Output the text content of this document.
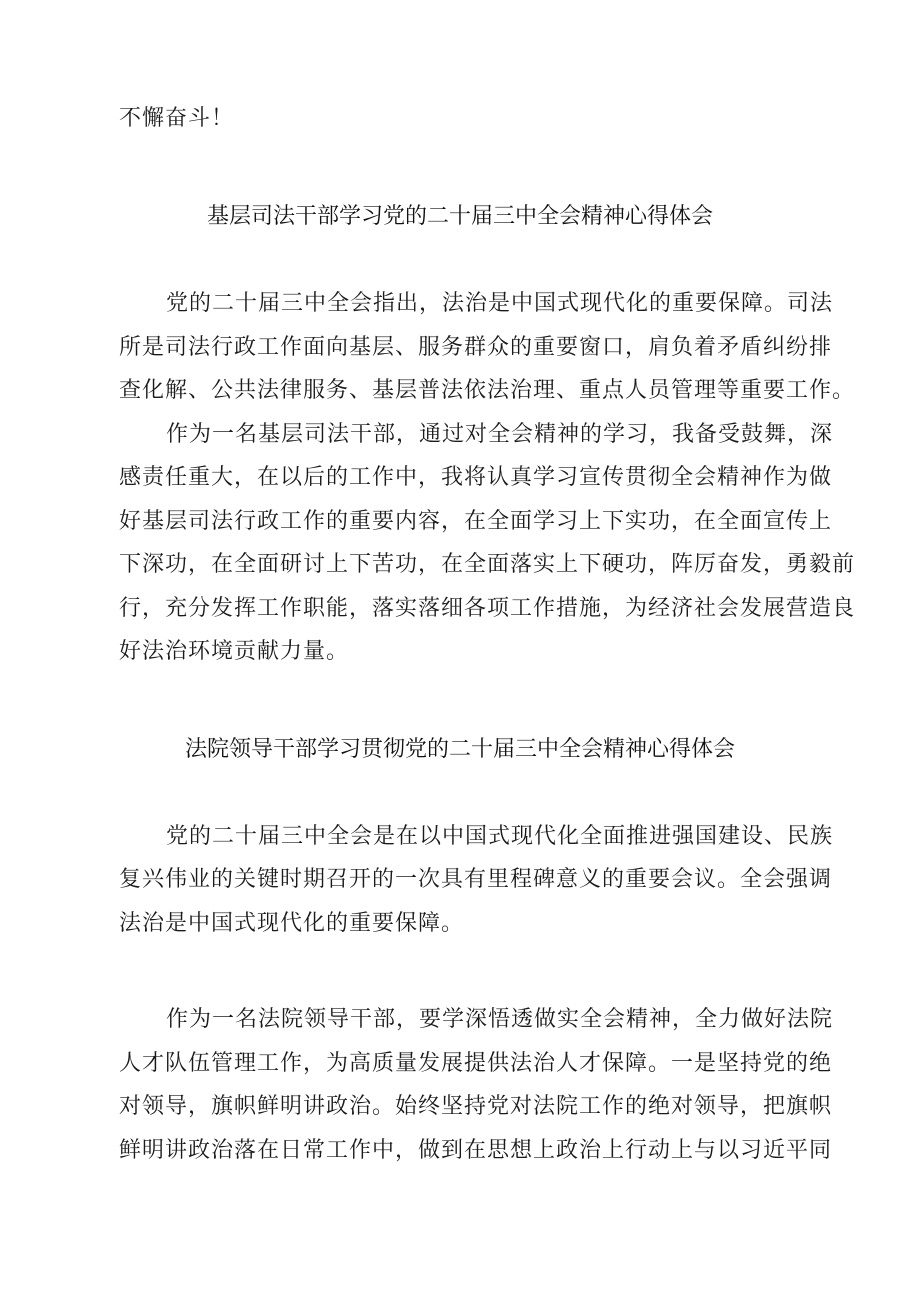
不懈奋斗！
基层司法干部学习党的二十届三中全会精神心得体会
党的二十届三中全会指出，法治是中国式现代化的重要保障。司法
所是司法行政工作面向基层、服务群众的重要窗口，肩负着矛盾纠纷排
查化解、公共法律服务、基层普法依法治理、重点人员管理等重要工作。
作为一名基层司法干部，通过对全会精神的学习，我备受鼓舞，深
感责任重大，在以后的工作中，我将认真学习宣传贯彻全会精神作为做
好基层司法行政工作的重要内容，在全面学习上下实功，在全面宣传上
下深功，在全面研讨上下苦功，在全面落实上下硬功，阵厉奋发，勇毅前
行，充分发挥工作职能，落实落细各项工作措施，为经济社会发展营造良
好法治环境贡献力量。
法院领导干部学习贯彻党的二十届三中全会精神心得体会
党的二十届三中全会是在以中国式现代化全面推进强国建设、民族
复兴伟业的关键时期召开的一次具有里程碑意义的重要会议。全会强调
法治是中国式现代化的重要保障。
作为一名法院领导干部，要学深悟透做实全会精神，全力做好法院
人才队伍管理工作，为高质量发展提供法治人才保障。一是坚持党的绝
对领导，旗帜鲜明讲政治。始终坚持党对法院工作的绝对领导，把旗帜
鲜明讲政治落在日常工作中，做到在思想上政治上行动上与以习近平同
